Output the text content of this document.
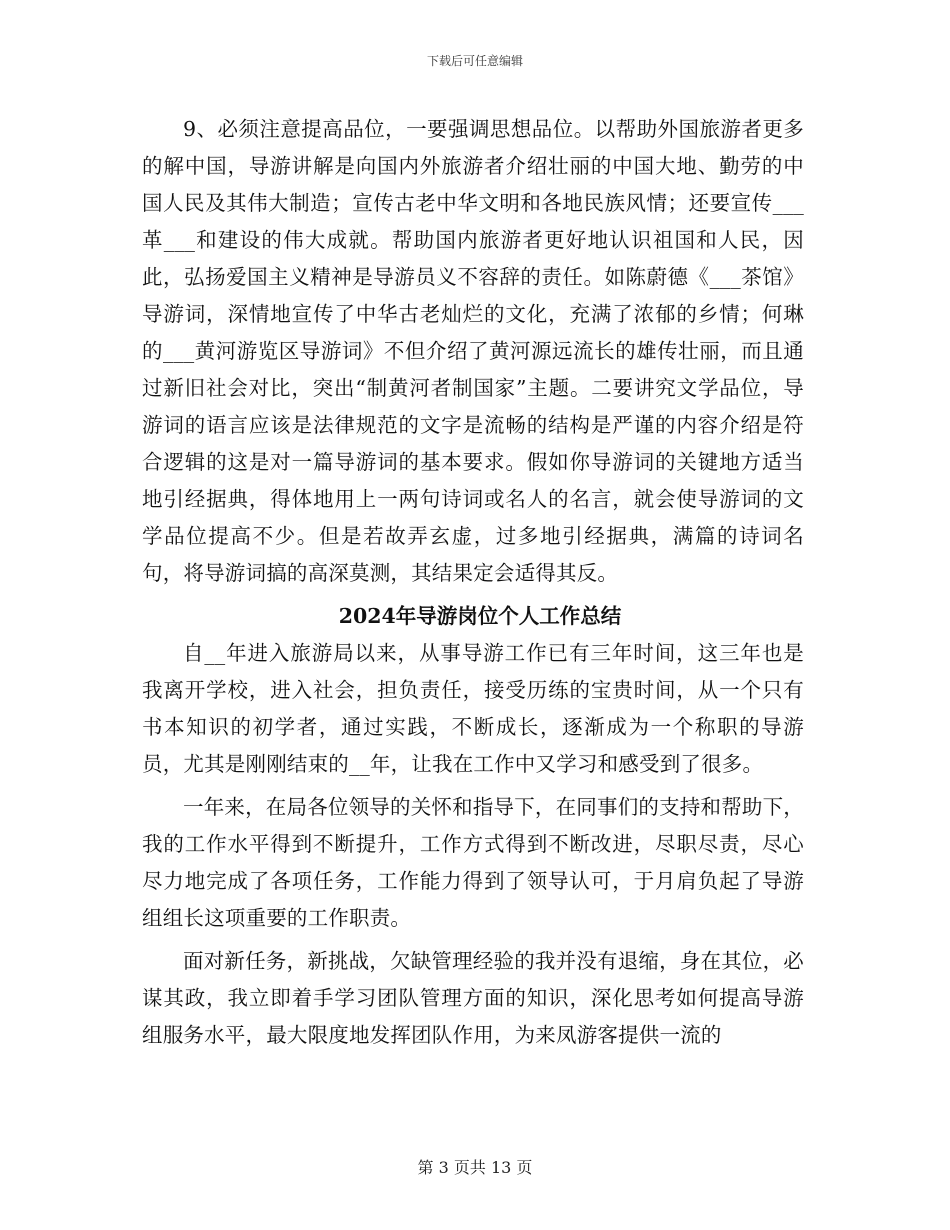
下载后可任意编辑

9、必须注意提高品位，一要强调思想品位。以帮助外国旅游者更多的解中国，导游讲解是向国内外旅游者介绍壮丽的中国大地、勤劳的中国人民及其伟大制造；宣传古老中华文明和各地民族风情；还要宣传___革___和建设的伟大成就。帮助国内旅游者更好地认识祖国和人民，因此，弘扬爱国主义精神是导游员义不容辞的责任。如陈蔚德《___茶馆》导游词，深情地宣传了中华古老灿烂的文化，充满了浓郁的乡情；何琳的___黄河游览区导游词》不但介绍了黄河源远流长的雄传壮丽，而且通过新旧社会对比，突出“制黄河者制国家”主题。二要讲究文学品位，导游词的语言应该是法律规范的文字是流畅的结构是严谨的内容介绍是符合逻辑的这是对一篇导游词的基本要求。假如你导游词的关键地方适当地引经据典，得体地用上一两句诗词或名人的名言，就会使导游词的文学品位提高不少。但是若故弄玄虚，过多地引经据典，满篇的诗词名句，将导游词搞的高深莫测，其结果定会适得其反。

2024年导游岗位个人工作总结

自__年进入旅游局以来，从事导游工作已有三年时间，这三年也是我离开学校，进入社会，担负责任，接受历练的宝贵时间，从一个只有书本知识的初学者，通过实践，不断成长，逐渐成为一个称职的导游员，尤其是刚刚结束的__年，让我在工作中又学习和感受到了很多。

一年来，在局各位领导的关怀和指导下，在同事们的支持和帮助下，我的工作水平得到不断提升，工作方式得到不断改进，尽职尽责，尽心尽力地完成了各项任务，工作能力得到了领导认可，于月肩负起了导游组组长这项重要的工作职责。

面对新任务，新挑战，欠缺管理经验的我并没有退缩，身在其位，必谋其政，我立即着手学习团队管理方面的知识，深化思考如何提高导游组服务水平，最大限度地发挥团队作用，为来凤游客提供一流的

第 3 页共 13 页
